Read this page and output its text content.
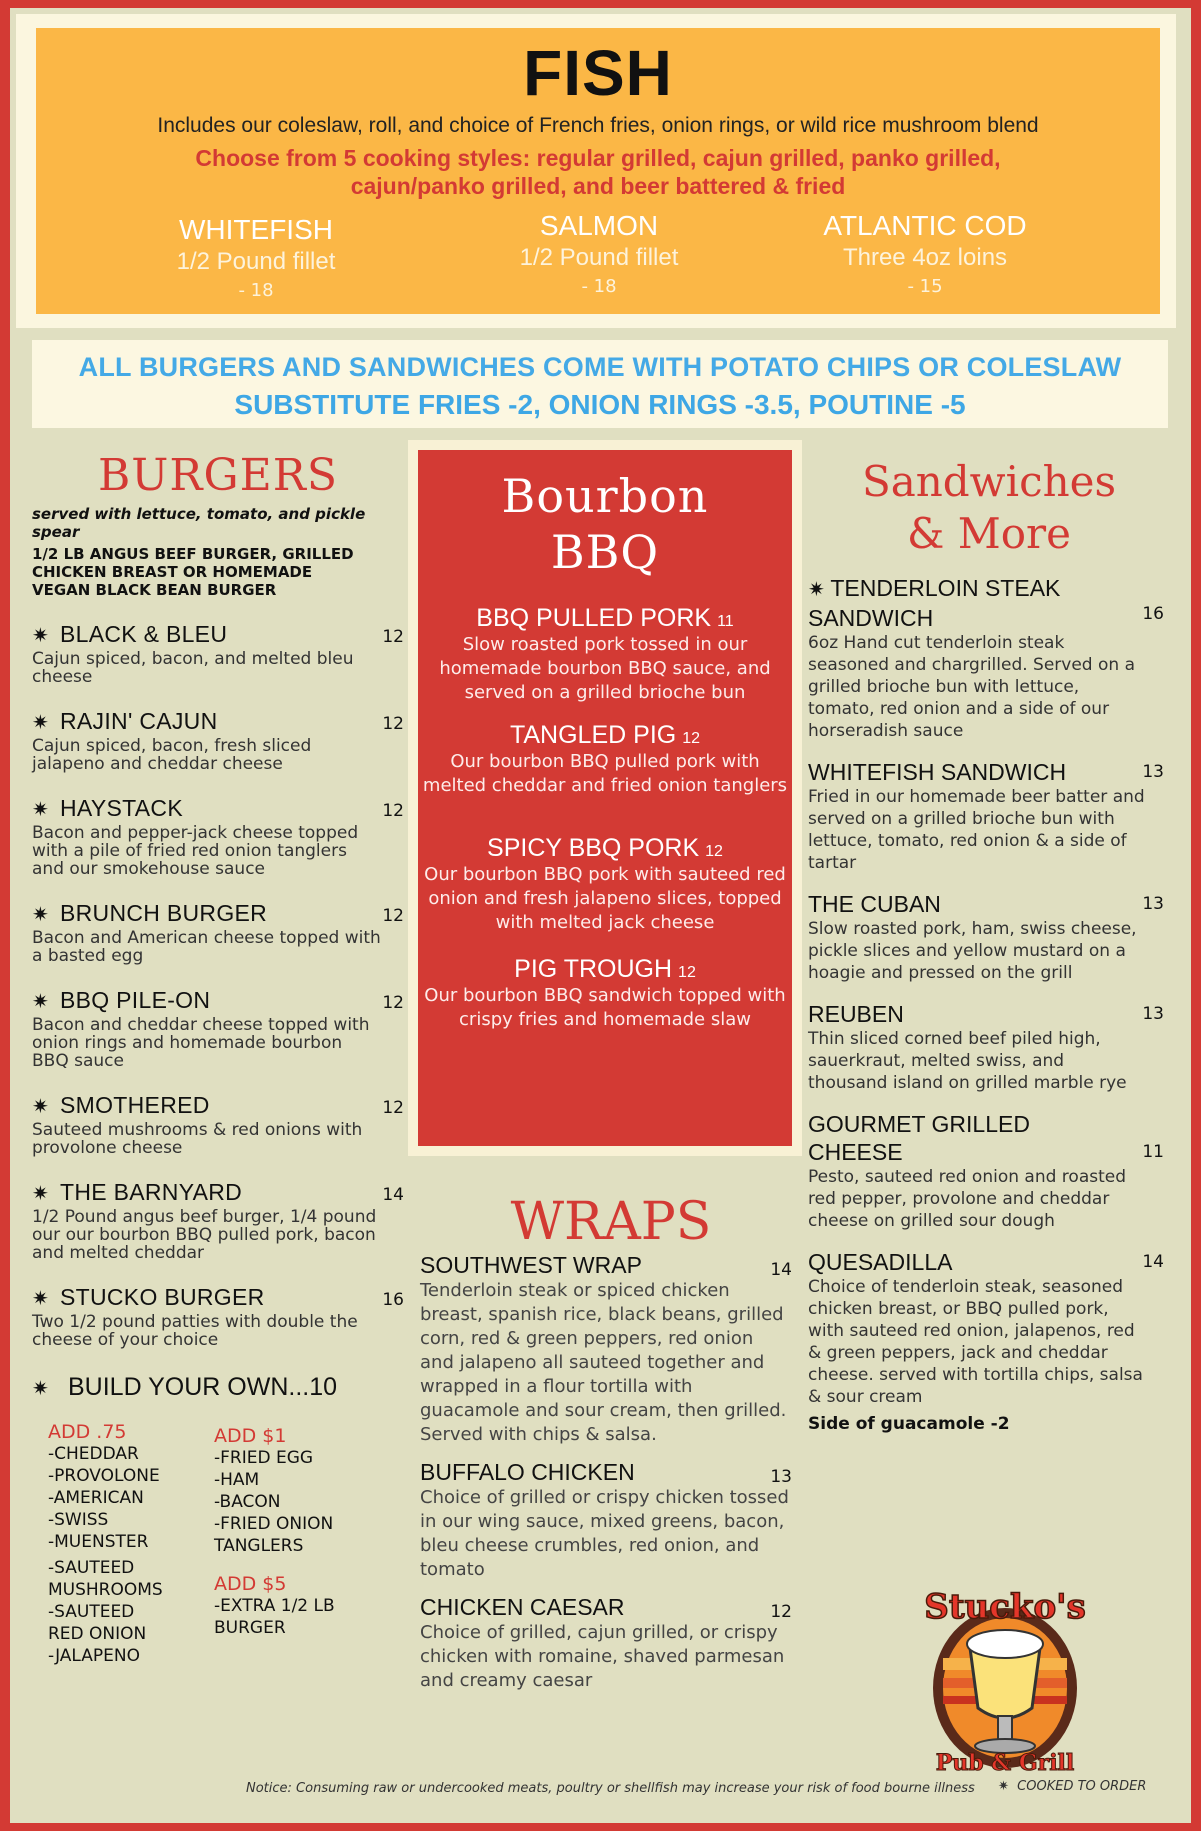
FISH
Includes our coleslaw, roll, and choice of French fries, onion rings, or wild rice mushroom blend
Choose from 5 cooking styles: regular grilled, cajun grilled, panko grilled, cajun/panko grilled, and beer battered & fried
WHITEFISH
1/2 Pound fillet
- 18
SALMON
1/2 Pound fillet
- 18
ATLANTIC COD
Three 4oz loins
- 15
ALL BURGERS AND SANDWICHES COME WITH POTATO CHIPS OR COLESLAW
SUBSTITUTE FRIES -2, ONION RINGS -3.5, POUTINE -5
BURGERS
served with lettuce, tomato, and pickle spear
1/2 LB ANGUS BEEF BURGER, GRILLED CHICKEN BREAST OR HOMEMADE VEGAN BLACK BEAN BURGER
✷ BLACK & BLEU	12
Cajun spiced, bacon, and melted bleu cheese
✷ RAJIN' CAJUN	12
Cajun spiced, bacon, fresh sliced jalapeno and cheddar cheese
✷ HAYSTACK	12
Bacon and pepper-jack cheese topped with a pile of fried red onion tanglers and our smokehouse sauce
✷ BRUNCH BURGER	12
Bacon and American cheese topped with a basted egg
✷ BBQ PILE-ON	12
Bacon and cheddar cheese topped with onion rings and homemade bourbon BBQ sauce
✷ SMOTHERED	12
Sauteed mushrooms & red onions with provolone cheese
✷ THE BARNYARD	14
1/2 Pound angus beef burger, 1/4 pound our our bourbon BBQ pulled pork, bacon and melted cheddar
✷ STUCKO BURGER	16
Two 1/2 pound patties with double the cheese of your choice
✷ BUILD YOUR OWN...10
ADD .75
-CHEDDAR
-PROVOLONE
-AMERICAN
-SWISS
-MUENSTER
-SAUTEED
MUSHROOMS
-SAUTEED
RED ONION
-JALAPENO
ADD $1
-FRIED EGG
-HAM
-BACON
-FRIED ONION
TANGLERS
ADD $5
-EXTRA 1/2 LB
BURGER
Bourbon
BBQ
BBQ PULLED PORK 11
Slow roasted pork tossed in our homemade bourbon BBQ sauce, and served on a grilled brioche bun
TANGLED PIG 12
Our bourbon BBQ pulled pork with melted cheddar and fried onion tanglers
SPICY BBQ PORK 12
Our bourbon BBQ pork with sauteed red onion and fresh jalapeno slices, topped with melted jack cheese
PIG TROUGH 12
Our bourbon BBQ sandwich topped with crispy fries and homemade slaw
WRAPS
SOUTHWEST WRAP	14
Tenderloin steak or spiced chicken breast, spanish rice, black beans, grilled corn, red & green peppers, red onion and jalapeno all sauteed together and wrapped in a flour tortilla with guacamole and sour cream, then grilled. Served with chips & salsa.
BUFFALO CHICKEN	13
Choice of grilled or crispy chicken tossed in our wing sauce, mixed greens, bacon, bleu cheese crumbles, red onion, and tomato
CHICKEN CAESAR	12
Choice of grilled, cajun grilled, or crispy chicken with romaine, shaved parmesan and creamy caesar
Sandwiches
& More
✷ TENDERLOIN STEAK SANDWICH	16
6oz Hand cut tenderloin steak seasoned and chargrilled. Served on a grilled brioche bun with lettuce, tomato, red onion and a side of our horseradish sauce
WHITEFISH SANDWICH	13
Fried in our homemade beer batter and served on a grilled brioche bun with lettuce, tomato, red onion & a side of tartar
THE CUBAN	13
Slow roasted pork, ham, swiss cheese, pickle slices and yellow mustard on a hoagie and pressed on the grill
REUBEN	13
Thin sliced corned beef piled high, sauerkraut, melted swiss, and thousand island on grilled marble rye
GOURMET GRILLED CHEESE	11
Pesto, sauteed red onion and roasted red pepper, provolone and cheddar cheese on grilled sour dough
QUESADILLA	14
Choice of tenderloin steak, seasoned chicken breast, or BBQ pulled pork, with sauteed red onion, jalapenos, red & green peppers, jack and cheddar cheese. served with tortilla chips, salsa & sour cream
Side of guacamole -2
Stucko's
Pub & Grill
Notice: Consuming raw or undercooked meats, poultry or shellfish may increase your risk of food bourne illness ✷  COOKED TO ORDER
